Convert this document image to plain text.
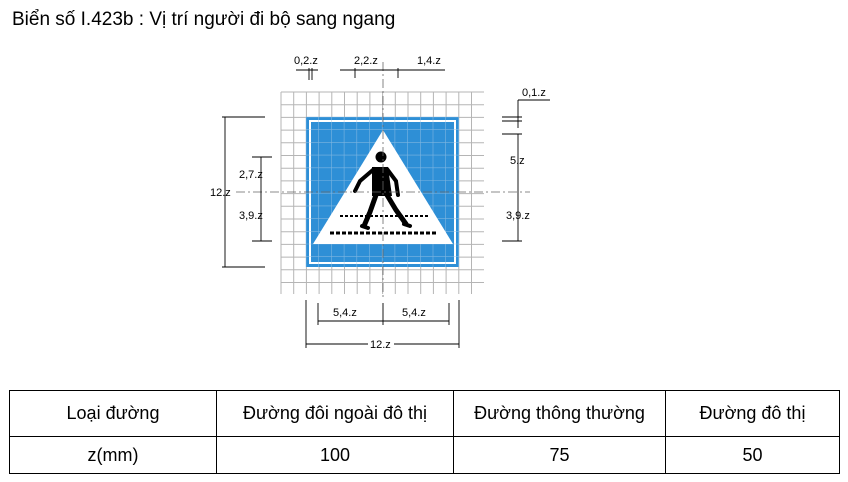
Biển số I.423b : Vị trí người đi bộ sang ngang
0,2.z	2,2.z	1,4.z
0,1.z
5.z
3,9.z
2,7.z
3,9.z
12.z
5,4.z	5,4.z
12.z
Loại đường	Đường đôi ngoài đô thị	Đường thông thường	Đường đô thị
z(mm)	100	75	50
